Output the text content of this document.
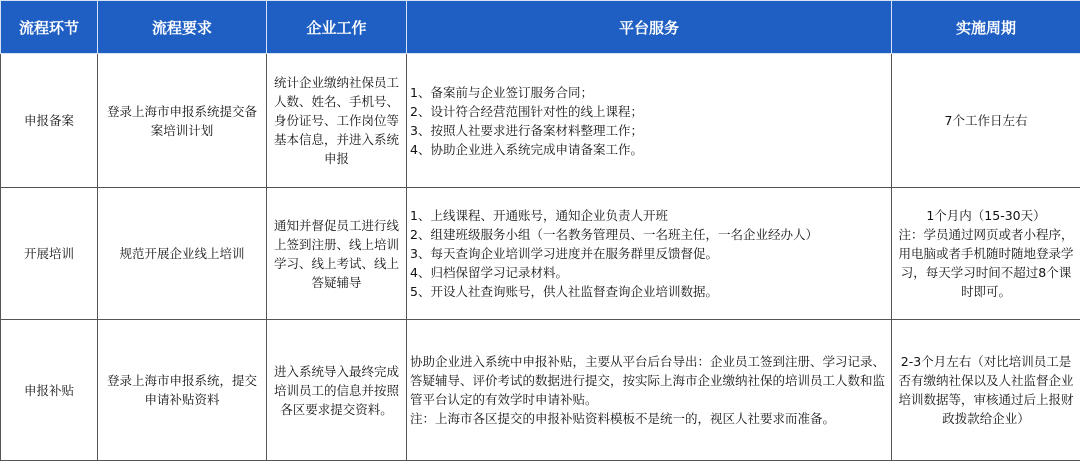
流程环节	流程要求	企业工作	平台服务	实施周期
申报备案	登录上海市申报系统提交备案培训计划	统计企业缴纳社保员工人数、姓名、手机号、身份证号、工作岗位等基本信息，并进入系统申报	1、备案前与企业签订服务合同；
2、设计符合经营范围针对性的线上课程；
3、按照人社要求进行备案材料整理工作；
4、协助企业进入系统完成申请备案工作。	7个工作日左右

开展培训	规范开展企业线上培训	通知并督促员工进行线上签到注册、线上培训学习、线上考试、线上答疑辅导	1、上线课程、开通账号，通知企业负责人开班
2、组建班级服务小组（一名教务管理员、一名班主任，一名企业经办人）
3、每天查询企业培训学习进度并在服务群里反馈督促。
4、归档保留学习记录材料。
5、开设人社查询账号，供人社监督查询企业培训数据。	1个月内（15-30天）
注：学员通过网页或者小程序，用电脑或者手机随时随地登录学习，每天学习时间不超过8个课时即可。

申报补贴	登录上海市申报系统，提交申请补贴资料	进入系统导入最终完成培训员工的信息并按照各区要求提交资料。	协助企业进入系统中申报补贴，主要从平台后台导出：企业员工签到注册、学习记录、答疑辅导、评价考试的数据进行提交，按实际上海市企业缴纳社保的培训员工人数和监管平台认定的有效学时申请补贴。
注：上海市各区提交的申报补贴资料模板不是统一的，视区人社要求而准备。	2-3个月左右（对比培训员工是否有缴纳社保以及人社监督企业培训数据等，审核通过后上报财政拨款给企业）
